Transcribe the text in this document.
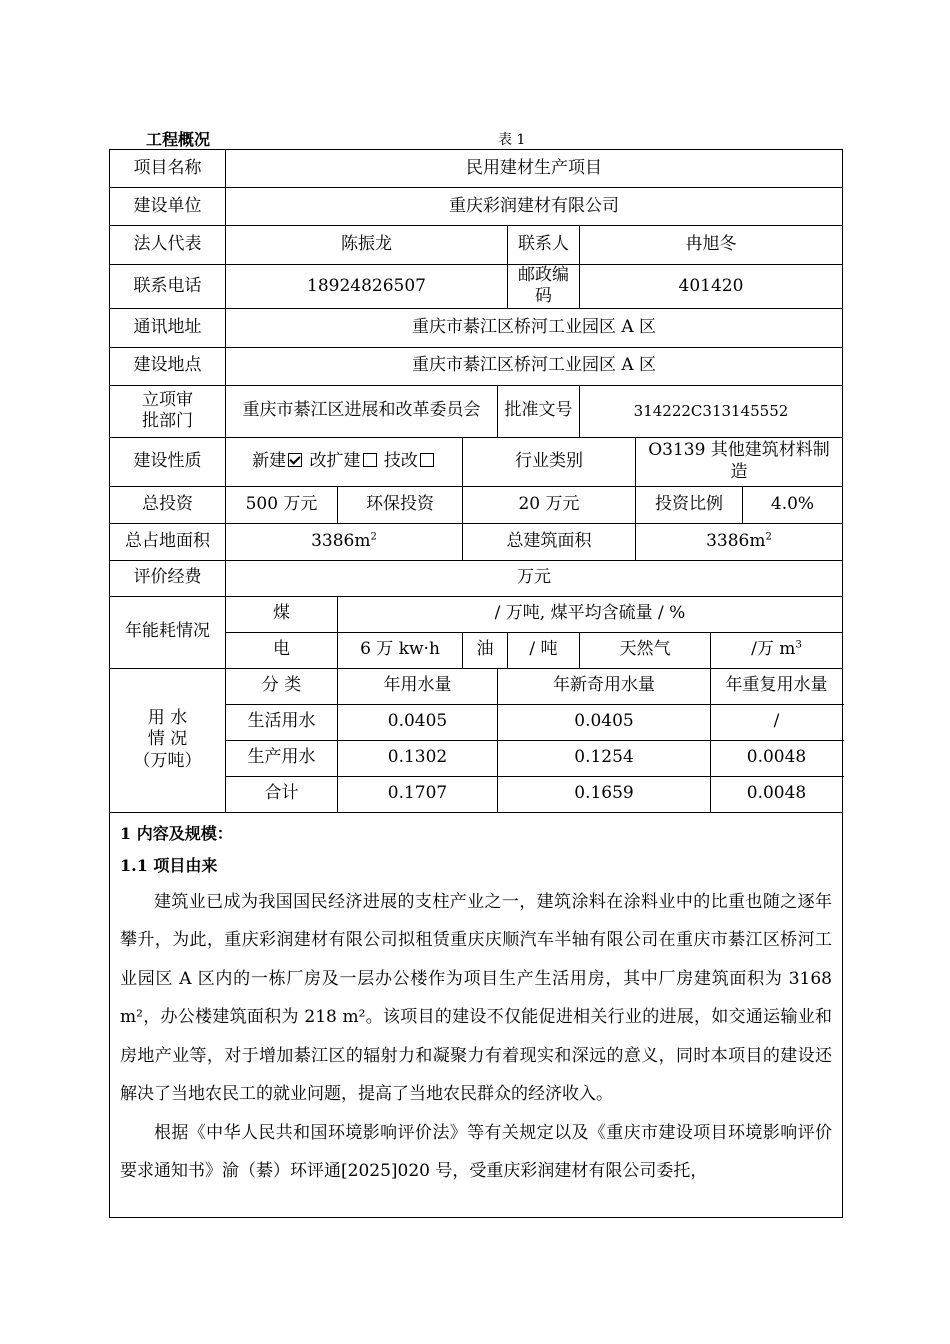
工程概况	表 1
项目名称	民用建材生产项目								
建设单位	重庆彩润建材有限公司								
法人代表	陈振龙				联系人	冉旭冬			
联系电话	18924826507				邮政编码	401420			
通讯地址	重庆市綦江区桥河工业园区 A 区								
建设地点	重庆市綦江区桥河工业园区 A 区								

立项审
批部门	重庆市綦江区进展和改革委员会			批准文号		314222C313145552			
建设性质	新建 改扩建 技改		行业类别				O3139 其他建筑材料制造		
总投资	500 万元	环保投资	20 万元				投资比例		4.0%
总占地面积	$3386m^2$		总建筑面积				$3386m^2$
评价经费	万元								
年能耗情况	煤	/ 万吨, 煤平均含硫量 / %							
	电	6 万 kw·h	油		/ 吨	天然气		/万 $m^3$

用 水
情 况
（万吨）	分 类	年用水量		年新奇用水量				年重复用水量	
	生活用水	0.0405		0.0405				/	
	生产用水	0.1302		0.1254				0.0048	
	合计	0.1707		0.1659				0.0048	

1 内容及规模：
1.1 项目由来

建筑业已成为我国国民经济进展的支柱产业之一，建筑涂料在涂料业中的比重也随之逐年攀升，为此，重庆彩润建材有限公司拟租赁重庆庆顺汽车半轴有限公司在重庆市綦江区桥河工业园区 A 区内的一栋厂房及一层办公楼作为项目生产生活用房，其中厂房建筑面积为 3168 m²，办公楼建筑面积为 218 m²。该项目的建设不仅能促进相关行业的进展，如交通运输业和房地产业等，对于增加綦江区的辐射力和凝聚力有着现实和深远的意义，同时本项目的建设还解决了当地农民工的就业问题，提高了当地农民群众的经济收入。

根据《中华人民共和国环境影响评价法》等有关规定以及《重庆市建设项目环境影响评价要求通知书》渝（綦）环评通[2025]020 号，受重庆彩润建材有限公司委托，									
